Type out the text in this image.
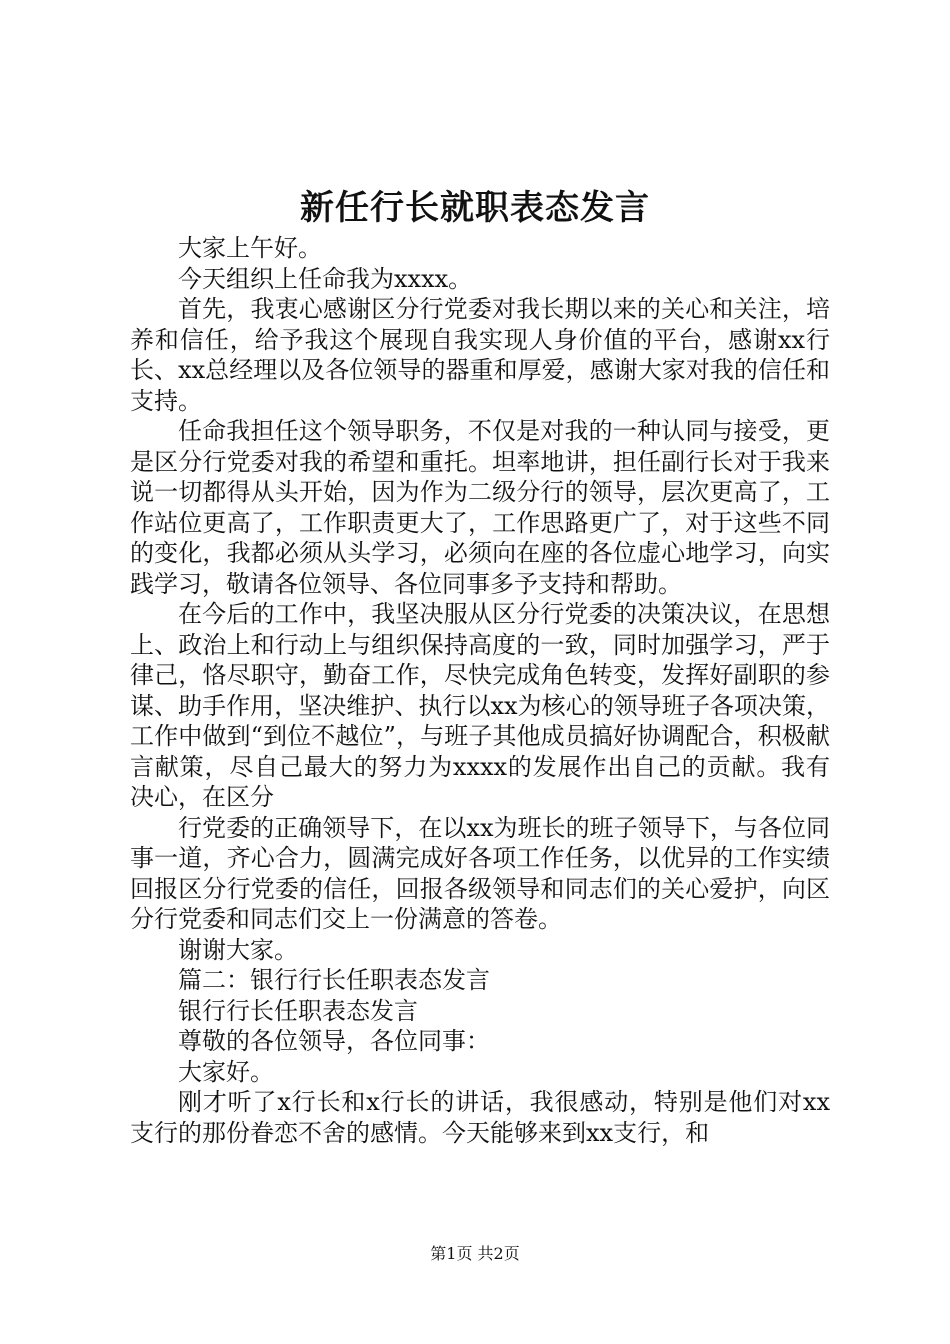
新任行长就职表态发言

大家上午好。

今天组织上任命我为xxxx。

首先，我衷心感谢区分行党委对我长期以来的关心和关注，培养和信任，给予我这个展现自我实现人身价值的平台，感谢xx行长、xx总经理以及各位领导的器重和厚爱，感谢大家对我的信任和支持。

任命我担任这个领导职务，不仅是对我的一种认同与接受，更是区分行党委对我的希望和重托。坦率地讲，担任副行长对于我来说一切都得从头开始，因为作为二级分行的领导，层次更高了，工作站位更高了，工作职责更大了，工作思路更广了，对于这些不同的变化，我都必须从头学习，必须向在座的各位虚心地学习，向实践学习，敬请各位领导、各位同事多予支持和帮助。

在今后的工作中，我坚决服从区分行党委的决策决议，在思想上、政治上和行动上与组织保持高度的一致，同时加强学习，严于律己，恪尽职守，勤奋工作，尽快完成角色转变，发挥好副职的参谋、助手作用，坚决维护、执行以xx为核心的领导班子各项决策，工作中做到“到位不越位”，与班子其他成员搞好协调配合，积极献言献策，尽自己最大的努力为xxxx的发展作出自己的贡献。我有决心，在区分

行党委的正确领导下，在以xx为班长的班子领导下，与各位同事一道，齐心合力，圆满完成好各项工作任务，以优异的工作实绩回报区分行党委的信任，回报各级领导和同志们的关心爱护，向区分行党委和同志们交上一份满意的答卷。

谢谢大家。

篇二：银行行长任职表态发言

银行行长任职表态发言

尊敬的各位领导，各位同事：

大家好。

刚才听了x行长和x行长的讲话，我很感动，特别是他们对xx支行的那份眷恋不舍的感情。今天能够来到xx支行，和

第1页 共2页
